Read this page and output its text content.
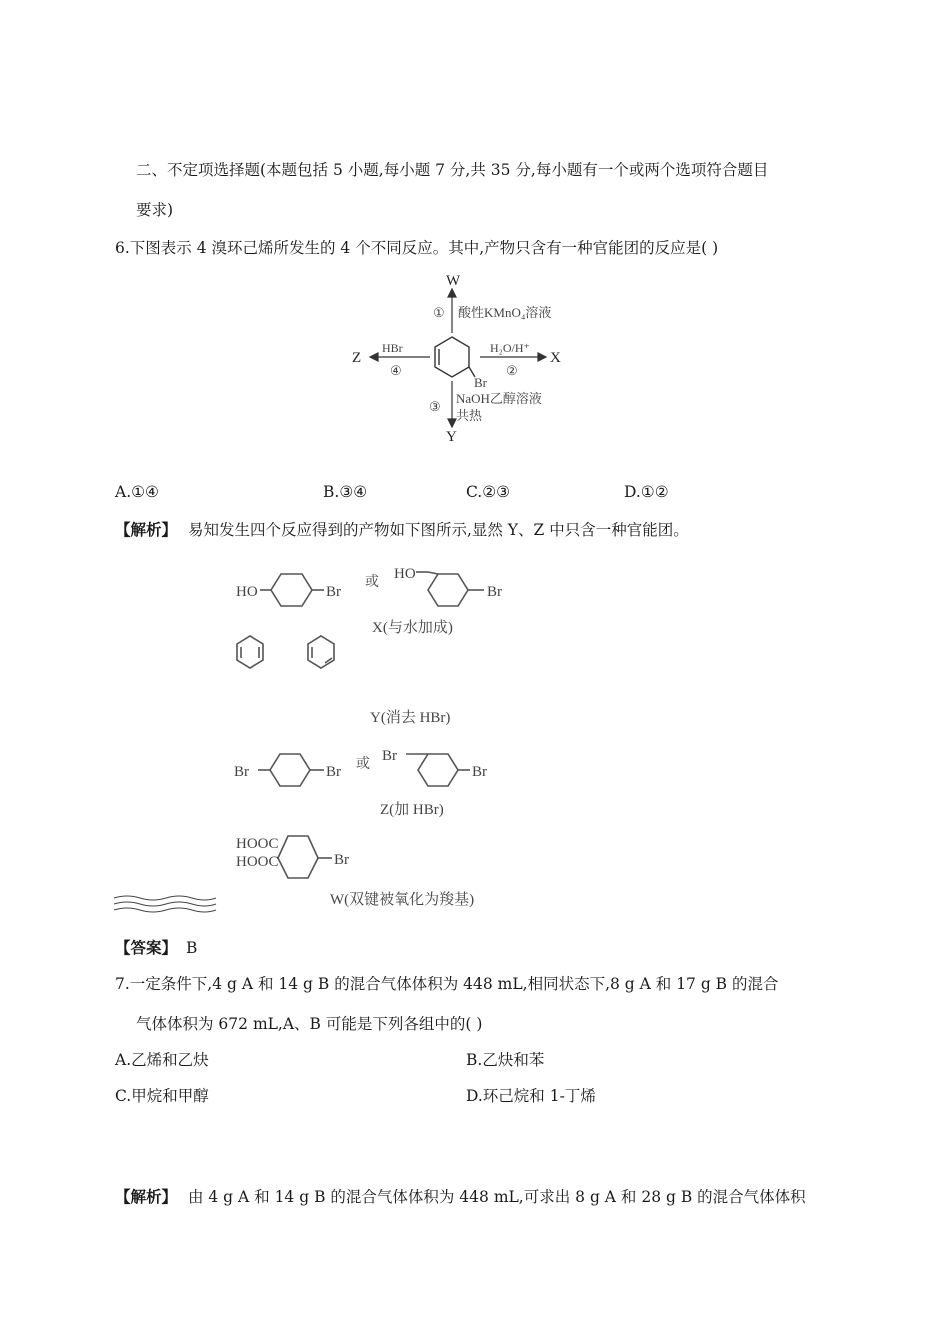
二、不定项选择题(本题包括 5 小题,每小题 7 分,共 35 分,每小题有一个或两个选项符合题目
要求)
6.下图表示 4 溴环己烯所发生的 4 个不同反应。其中,产物只含有一种官能团的反应是( )
W
① 酸性KMnO₄溶液
Z
HBr
④
H₂O/H⁺
②
X
Br
③
NaOH乙醇溶液
共热
Y
A.①④	B.③④	C.②③	D.①②
【解析】 易知发生四个反应得到的产物如下图所示,显然 Y、Z 中只含一种官能团。
HO	Br
或
HO
Br
X(与水加成)
Y(消去 HBr)
Br	Br 或
Br
Br
Z(加 HBr)
HOOC
HOOC	Br
W(双键被氧化为羧基)
【答案】 B
7.一定条件下,4 g A 和 14 g B 的混合气体体积为 448 mL,相同状态下,8 g A 和 17 g B 的混合
气体体积为 672 mL,A、B 可能是下列各组中的( )
A.乙烯和乙炔	B.乙炔和苯
C.甲烷和甲醇	D.环己烷和 1-丁烯
【解析】 由 4 g A 和 14 g B 的混合气体体积为 448 mL,可求出 8 g A 和 28 g B 的混合气体体积
